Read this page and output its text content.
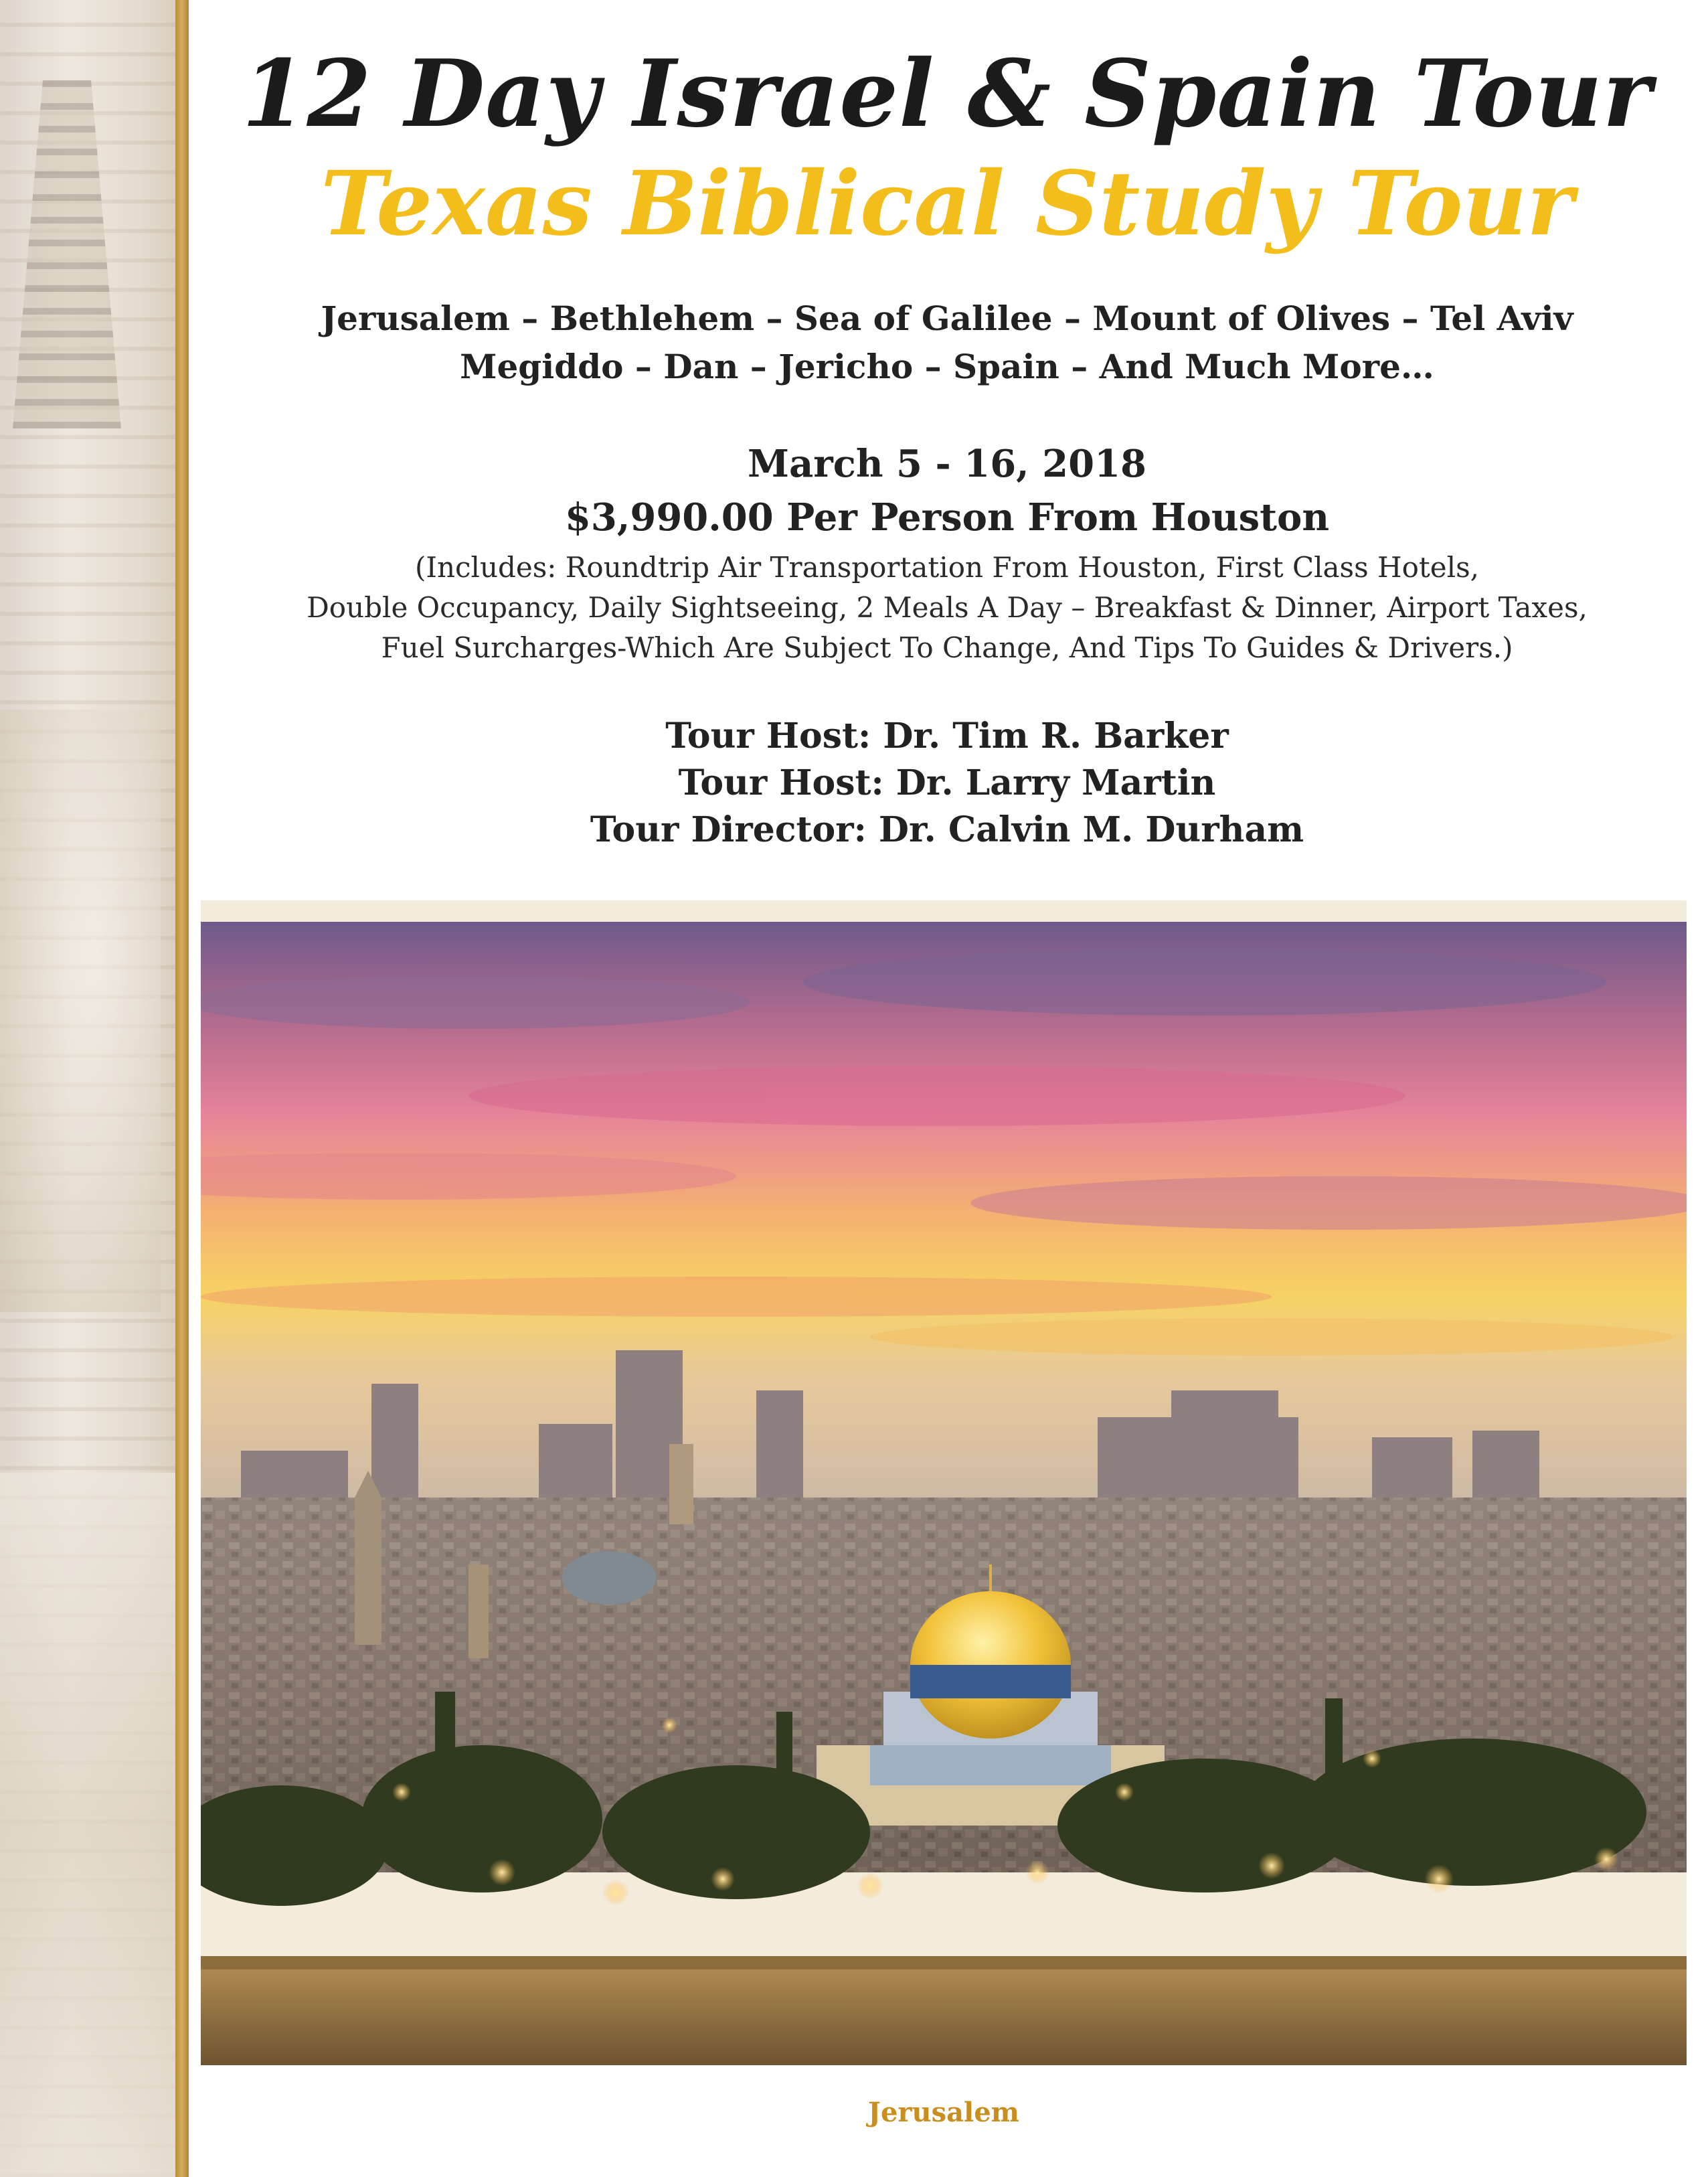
12 Day Israel & Spain Tour
Texas Biblical Study Tour
Jerusalem – Bethlehem – Sea of Galilee – Mount of Olives – Tel Aviv
Megiddo – Dan – Jericho – Spain – And Much More…
March 5 - 16, 2018
$3,990.00 Per Person From Houston
(Includes: Roundtrip Air Transportation From Houston, First Class Hotels,
Double Occupancy, Daily Sightseeing, 2 Meals A Day – Breakfast & Dinner, Airport Taxes,
Fuel Surcharges-Which Are Subject To Change, And Tips To Guides & Drivers.)
Tour Host: Dr. Tim R. Barker
Tour Host: Dr. Larry Martin
Tour Director: Dr. Calvin M. Durham
Jerusalem
